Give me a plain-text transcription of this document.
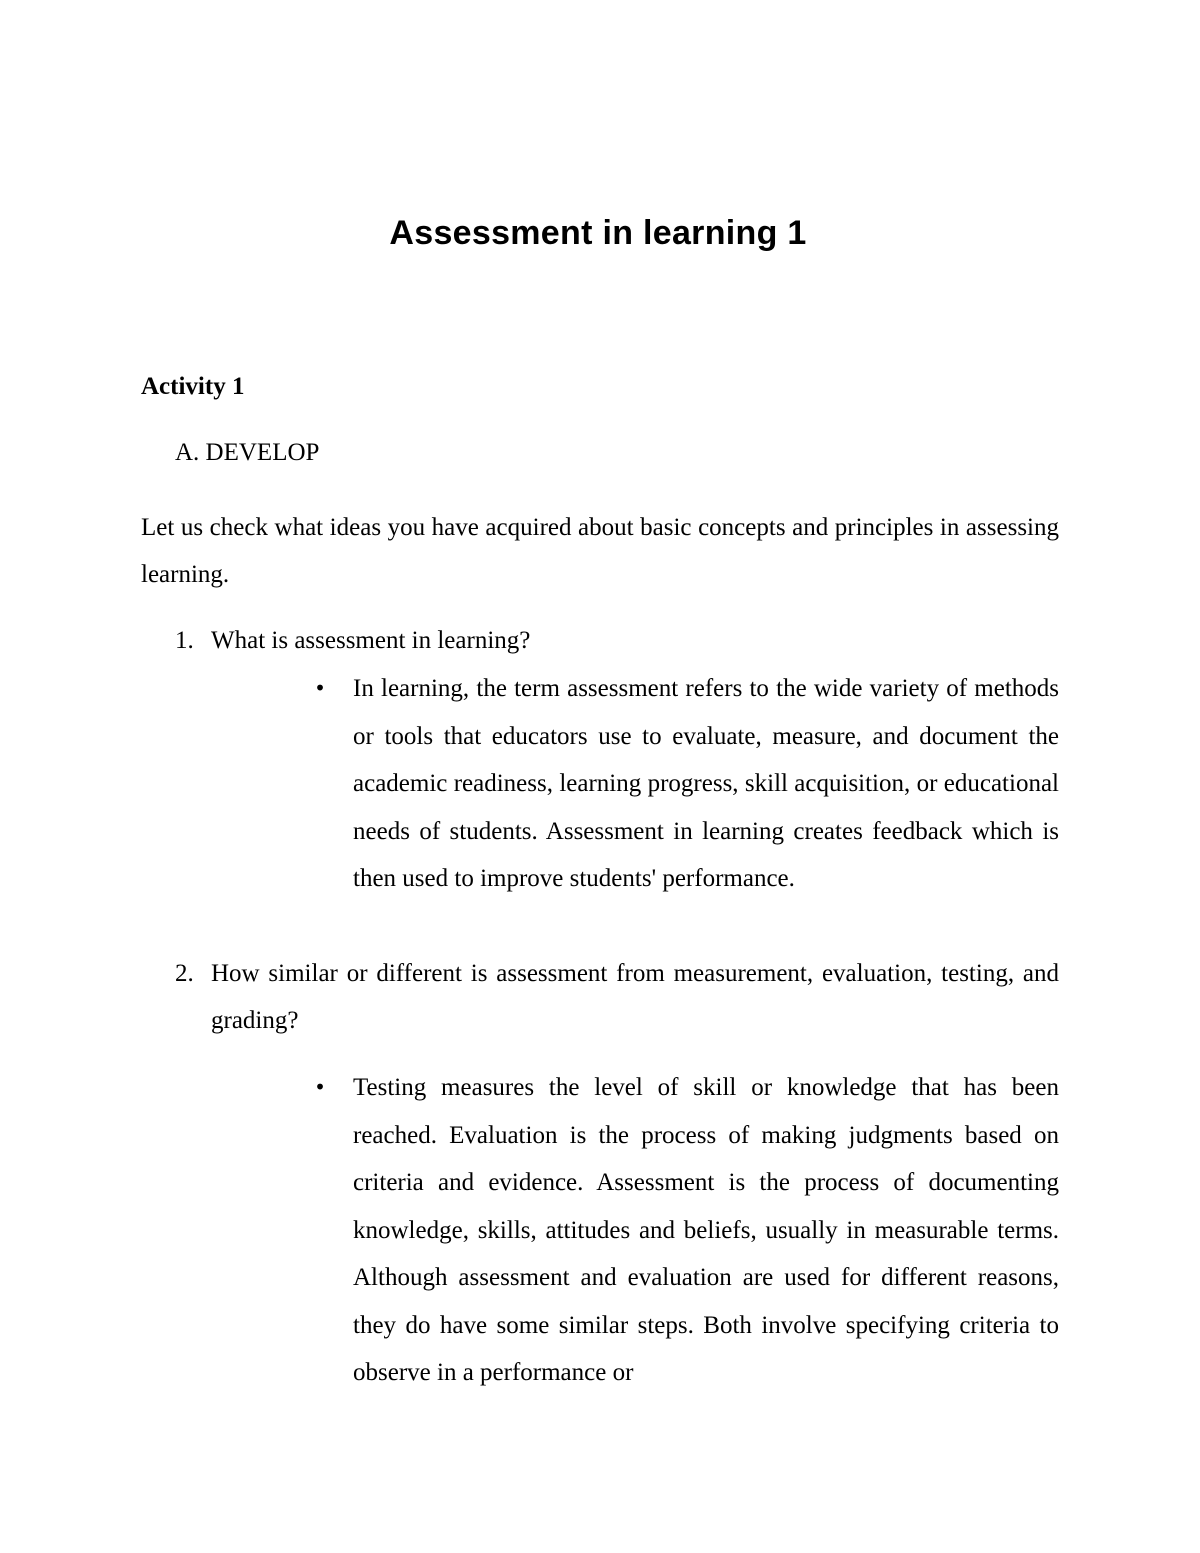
Assessment in learning 1

Activity 1

A. DEVELOP

Let us check what ideas you have acquired about basic concepts and principles in assessing learning.

1. What is assessment in learning?
• In learning, the term assessment refers to the wide variety of methods or tools that educators use to evaluate, measure, and document the academic readiness, learning progress, skill acquisition, or educational needs of students. Assessment in learning creates feedback which is then used to improve students' performance.
2. How similar or different is assessment from measurement, evaluation, testing, and grading?
• Testing measures the level of skill or knowledge that has been reached. Evaluation is the process of making judgments based on criteria and evidence. Assessment is the process of documenting knowledge, skills, attitudes and beliefs, usually in measurable terms. Although assessment and evaluation are used for different reasons, they do have some similar steps. Both involve specifying criteria to observe in a performance or
